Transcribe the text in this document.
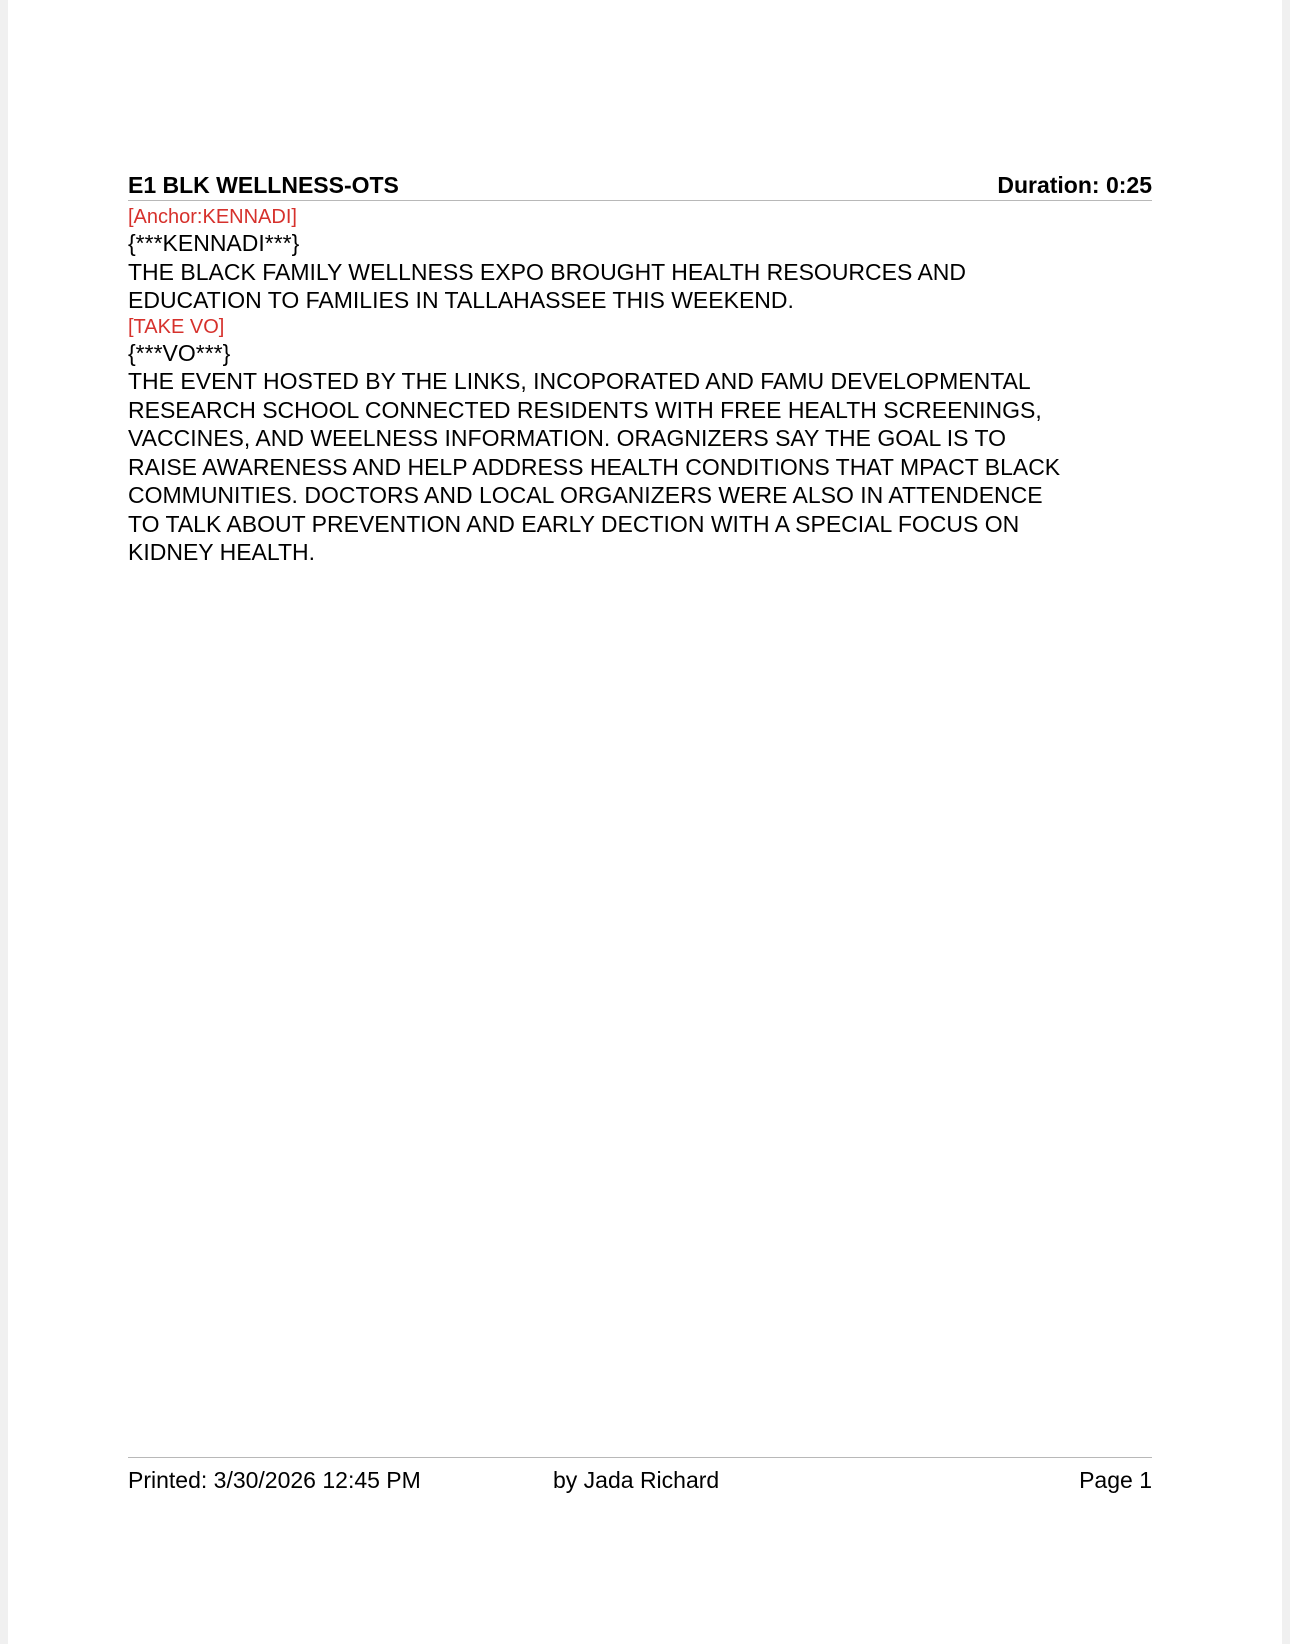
E1 BLK WELLNESS-OTS	Duration: 0:25
[Anchor:KENNADI]
{***KENNADI***}
THE BLACK FAMILY WELLNESS EXPO BROUGHT HEALTH RESOURCES AND
EDUCATION TO FAMILIES IN TALLAHASSEE THIS WEEKEND.
[TAKE VO]
{***VO***}
THE EVENT HOSTED BY THE LINKS, INCOPORATED AND FAMU DEVELOPMENTAL
RESEARCH SCHOOL CONNECTED RESIDENTS WITH FREE HEALTH SCREENINGS,
VACCINES, AND WEELNESS INFORMATION. ORAGNIZERS SAY THE GOAL IS TO
RAISE AWARENESS AND HELP ADDRESS HEALTH CONDITIONS THAT MPACT BLACK
COMMUNITIES. DOCTORS AND LOCAL ORGANIZERS WERE ALSO IN ATTENDENCE
TO TALK ABOUT PREVENTION AND EARLY DECTION WITH A SPECIAL FOCUS ON
KIDNEY HEALTH.
Printed: 3/30/2026 12:45 PM	by Jada Richard	Page 1
